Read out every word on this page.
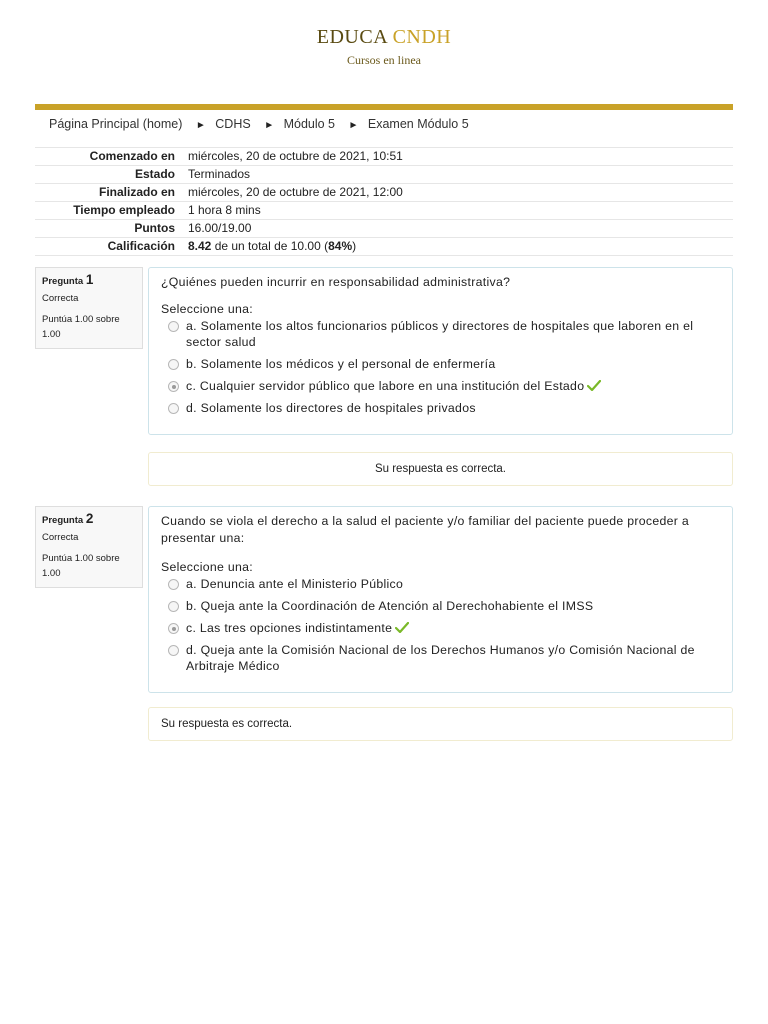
EDUCA CNDH
Cursos en linea
Página Principal (home) ► CDHS ► Módulo 5 ► Examen Módulo 5
Comenzado en	miércoles, 20 de octubre de 2021, 10:51
Estado	Terminados
Finalizado en	miércoles, 20 de octubre de 2021, 12:00
Tiempo empleado	1 hora 8 mins
Puntos	16.00/19.00
Calificación	8.42 de un total de 10.00 (84%)
Pregunta 1
Correcta
Puntúa 1.00 sobre 1.00
¿Quiénes pueden incurrir en responsabilidad administrativa?
Seleccione una:
a. Solamente los altos funcionarios públicos y directores de hospitales que laboren en el sector salud
b. Solamente los médicos y el personal de enfermería
c. Cualquier servidor público que labore en una institución del Estado
d. Solamente los directores de hospitales privados
Su respuesta es correcta.
Pregunta 2
Correcta
Puntúa 1.00 sobre 1.00
Cuando se viola el derecho a la salud el paciente y/o familiar del paciente puede proceder a presentar una:
Seleccione una:
a. Denuncia ante el Ministerio Público
b. Queja ante la Coordinación de Atención al Derechohabiente el IMSS
c. Las tres opciones indistintamente
d. Queja ante la Comisión Nacional de los Derechos Humanos y/o Comisión Nacional de Arbitraje Médico
Su respuesta es correcta.
